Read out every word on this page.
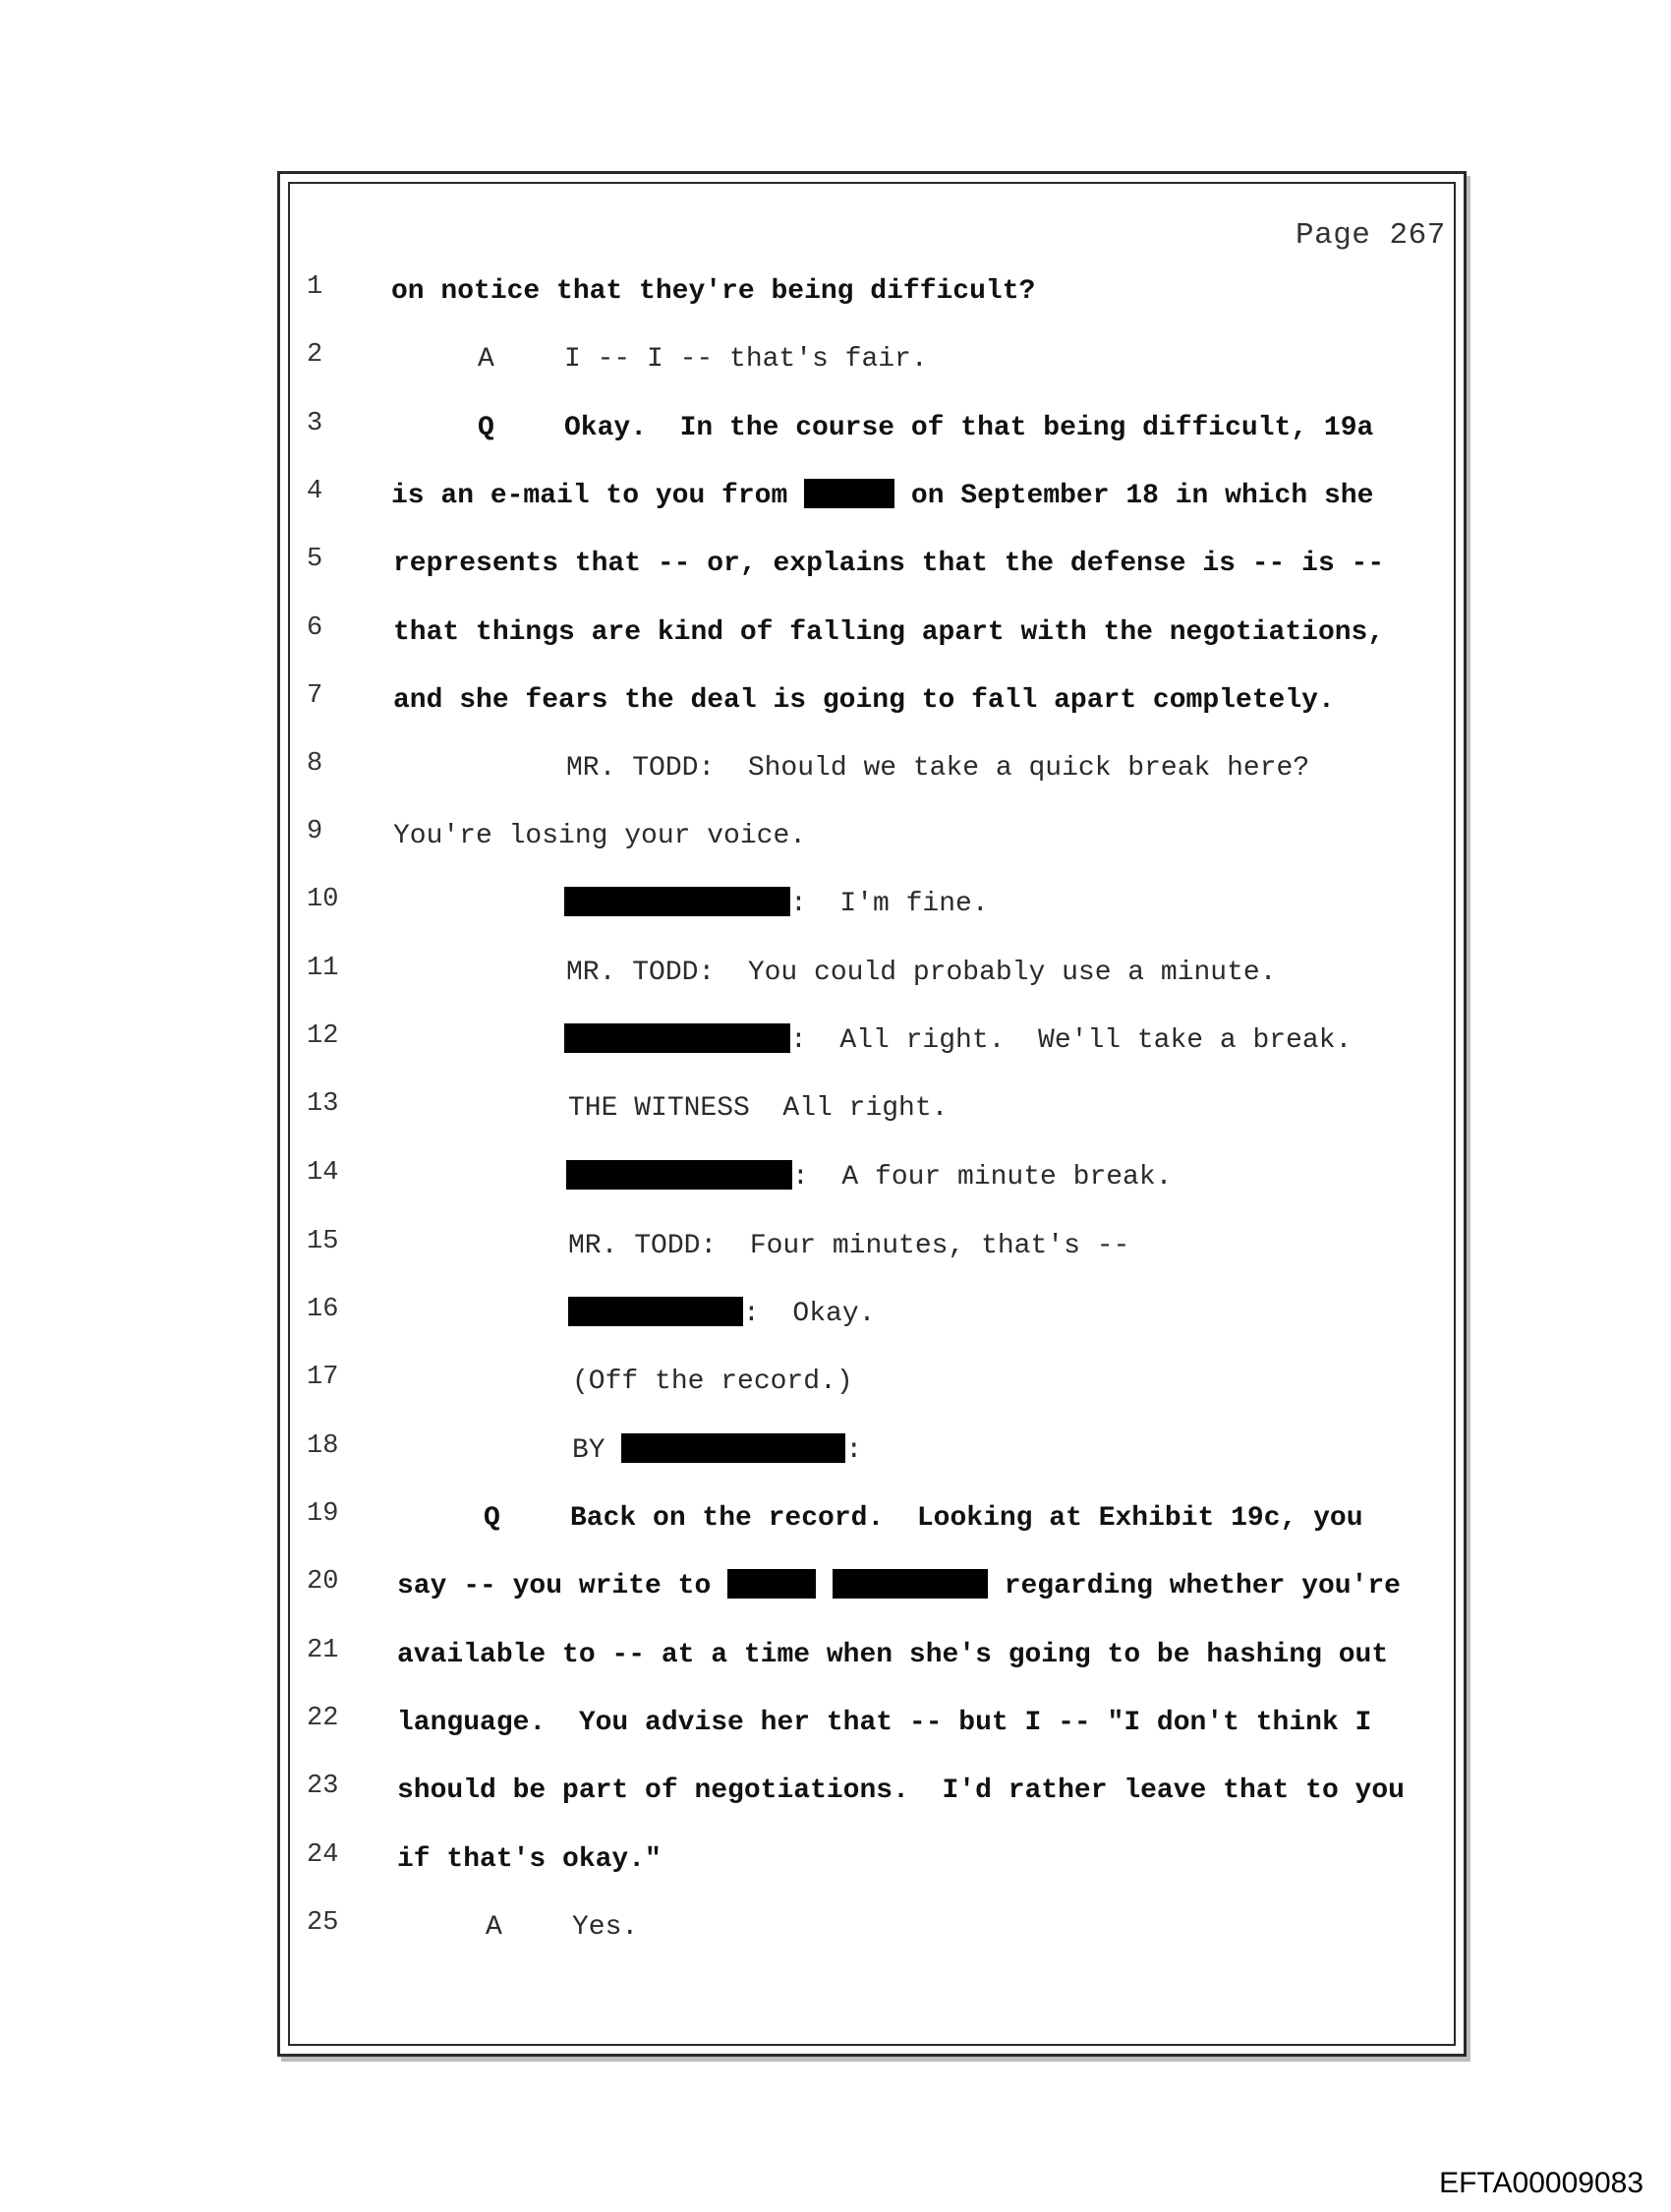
Page 267
1	on notice that they're being difficult?
2	A	I -- I -- that's fair.
3	Q	Okay.  In the course of that being difficult, 19a
4	is an e-mail to you from	on September 18 in which she
5	represents that -- or, explains that the defense is -- is --
6	that things are kind of falling apart with the negotiations,
7	and she fears the deal is going to fall apart completely.
8	MR. TODD:  Should we take a quick break here?
9	You're losing your voice.
10	:  I'm fine.
11	MR. TODD:  You could probably use a minute.
12	:  All right.  We'll take a break.
13	THE WITNESS  All right.
14	:  A four minute break.
15	MR. TODD:  Four minutes, that's --
16	:  Okay.
17	(Off the record.)
18	BY	:
19	Q	Back on the record.  Looking at Exhibit 19c, you
20	say -- you write to	regarding whether you're
21	available to -- at a time when she's going to be hashing out
22	language.  You advise her that -- but I -- "I don't think I
23	should be part of negotiations.  I'd rather leave that to you
24	if that's okay."
25	A	Yes.
EFTA00009083
